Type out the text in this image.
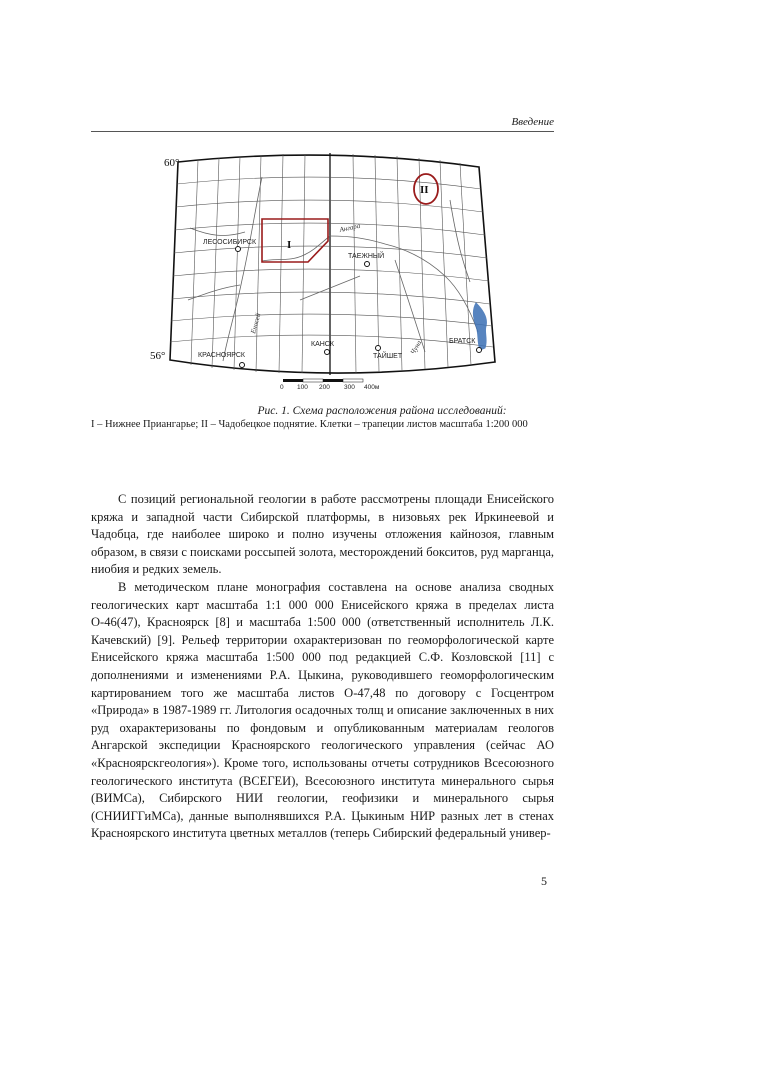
Введение
60°
56°
ЛЕСОСИБИРСК
ТАЕЖНЫЙ
КРАСНОЯРСК
КАНСК
ТАЙШЕТ
БРАТСК
Ангара
Енисей
Чуна
I
II
0 100 200 300 400м
Рис. 1. Схема расположения района исследований:
I – Нижнее Приангарье; II – Чадобецкое поднятие. Клетки – трапеции листов масштаба 1:200 000

С позиций региональной геологии в работе рассмотрены площади Енисейского кряжа и западной части Сибирской платформы, в низовьях рек Иркинеевой и Чадобца, где наиболее широко и полно изучены отложения кайнозоя, главным образом, в связи с поисками россыпей золота, месторождений бокситов, руд марганца, ниобия и редких земель.

В методическом плане монография составлена на основе анализа сводных геологических карт масштаба 1:1 000 000 Енисейского кряжа в пределах листа О-46(47), Красноярск [8] и масштаба 1:500 000 (ответственный исполнитель Л.К. Качевский) [9]. Рельеф территории охарактеризован по геоморфологической карте Енисейского кряжа масштаба 1:500 000 под редакцией С.Ф. Козловской [11] с дополнениями и изменениями Р.А. Цыкина, руководившего геоморфологическим картированием того же масштаба листов О-47,48 по договору с Госцентром «Природа» в 1987-1989 гг. Литология осадочных толщ и описание заключенных в них руд охарактеризованы по фондовым и опубликованным материалам геологов Ангарской экспедиции Красноярского геологического управления (сейчас АО «Красноярскгеология»). Кроме того, использованы отчеты сотрудников Всесоюзного геологического института (ВСЕГЕИ), Всесоюзного института минерального сырья (ВИМСа), Сибирского НИИ геологии, геофизики и минерального сырья (СНИИГГиМСа), данные выполнявшихся Р.А. Цыкиным НИР разных лет в стенах Красноярского института цветных металлов (теперь Сибирский федеральный универ-

5
